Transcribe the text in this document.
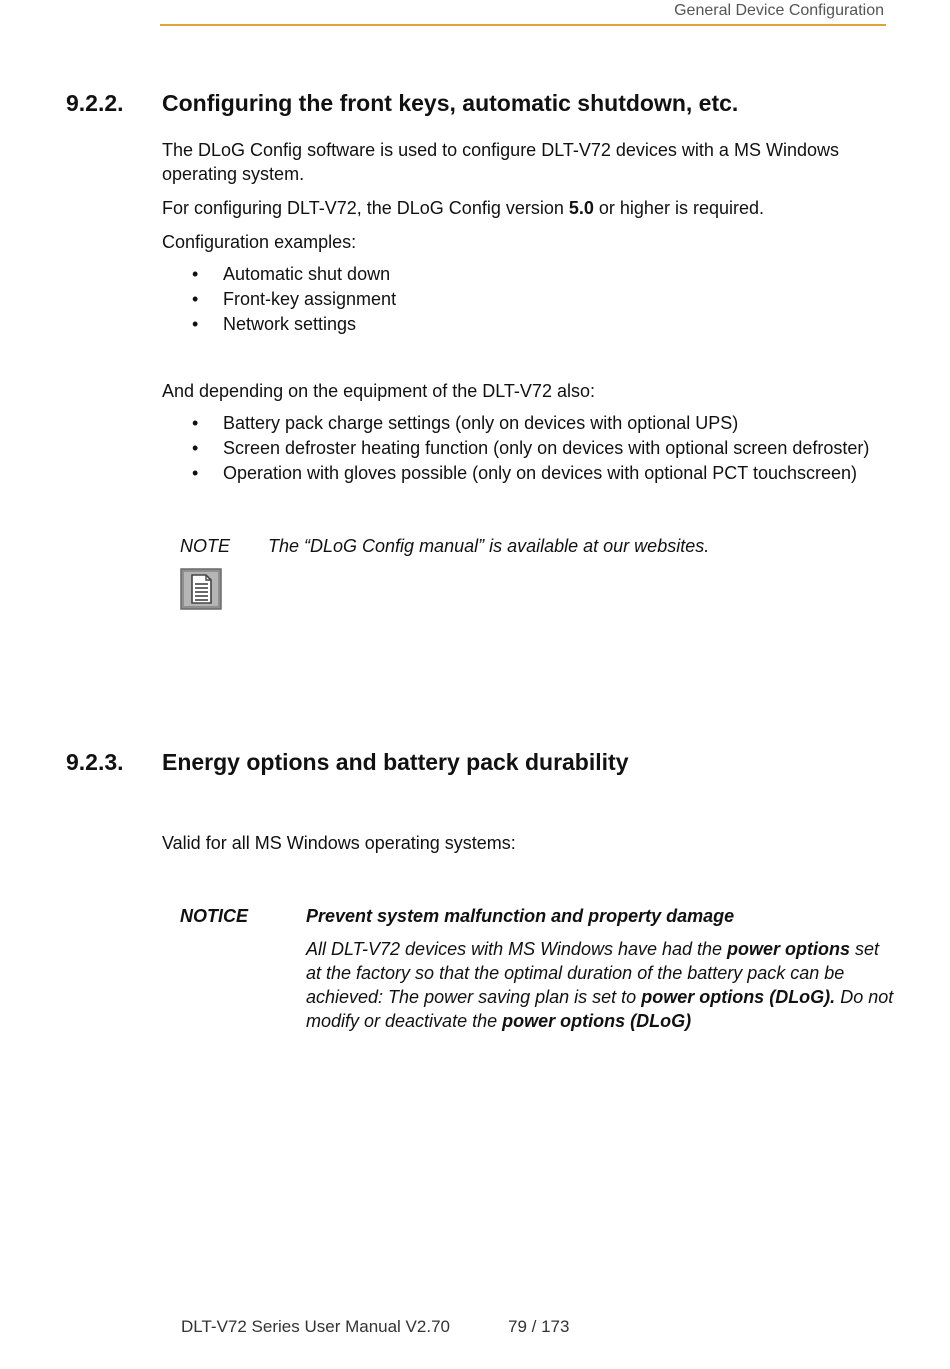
General Device Configuration
9.2.2. Configuring the front keys, automatic shutdown, etc.
The DLoG Config software is used to configure DLT-V72 devices with a MS Windows operating system.
For configuring DLT-V72, the DLoG Config version 5.0 or higher is required.
Configuration examples:
• Automatic shut down
• Front-key assignment
• Network settings
And depending on the equipment of the DLT-V72 also:
• Battery pack charge settings (only on devices with optional UPS)
• Screen defroster heating function (only on devices with optional screen defroster)
• Operation with gloves possible (only on devices with optional PCT touchscreen)
NOTE The “DLoG Config manual” is available at our websites.
9.2.3. Energy options and battery pack durability
Valid for all MS Windows operating systems:
NOTICE	Prevent system malfunction and property damage
All DLT-V72 devices with MS Windows have had the power options set at the factory so that the optimal duration of the battery pack can be achieved: The power saving plan is set to power options (DLoG). Do not modify or deactivate the power options (DLoG)
DLT-V72 Series User Manual V2.70	79 / 173
